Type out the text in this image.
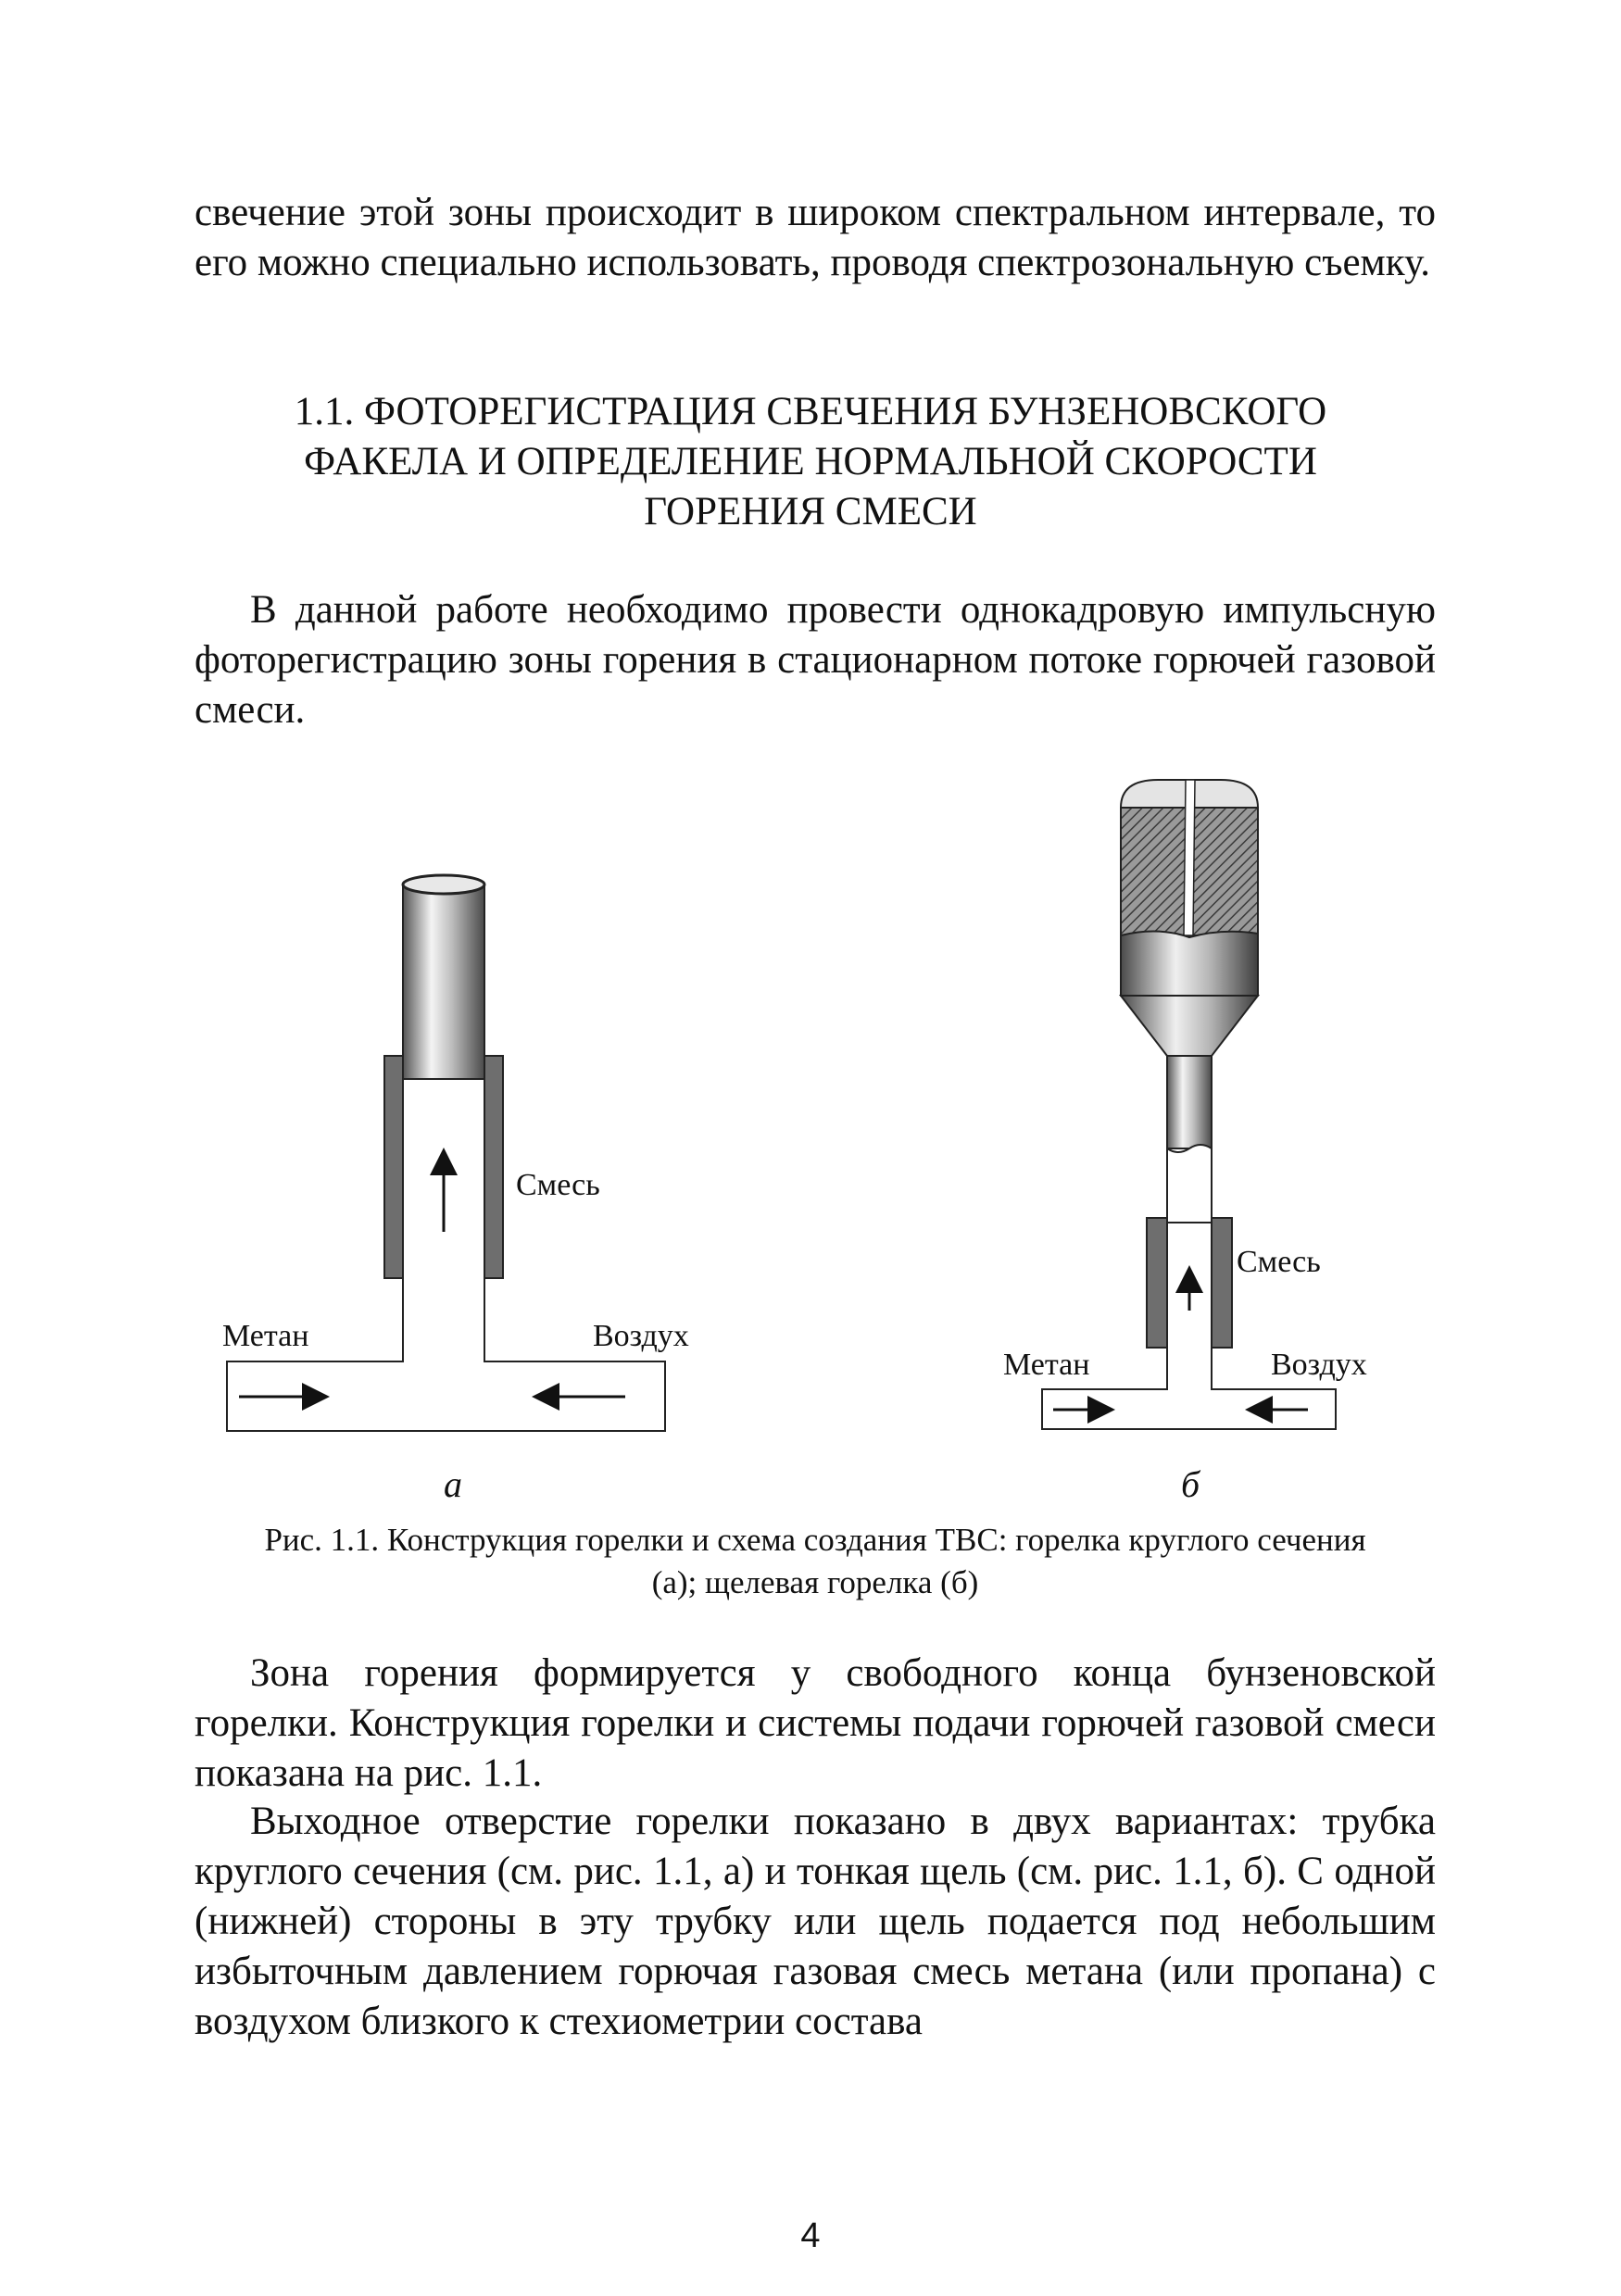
свечение этой зоны происходит в широком спектральном интервале, то его можно специально использовать, проводя спектрозональную съемку.

1.1. ФОТОРЕГИСТРАЦИЯ СВЕЧЕНИЯ БУНЗЕНОВСКОГО
ФАКЕЛА И ОПРЕДЕЛЕНИЕ НОРМАЛЬНОЙ СКОРОСТИ
ГОРЕНИЯ СМЕСИ

В данной работе необходимо провести однокадровую импульсную фоторегистрацию зоны горения в стационарном потоке горючей газовой смеси.

Смесь
Метан	Воздух
Смесь
Метан	Воздух
а	б
Рис. 1.1. Конструкция горелки и схема создания ТВС: горелка круглого сечения
(а); щелевая горелка (б)

Зона горения формируется у свободного конца бунзеновской горелки. Конструкция горелки и системы подачи горючей газовой смеси показана на рис. 1.1.

Выходное отверстие горелки показано в двух вариантах: трубка круглого сечения (см. рис. 1.1, а) и тонкая щель (см. рис. 1.1, б). С одной (нижней) стороны в эту трубку или щель подается под небольшим избыточным давлением горючая газовая смесь метана (или пропана) с воздухом близкого к стехиометрии состава

4
